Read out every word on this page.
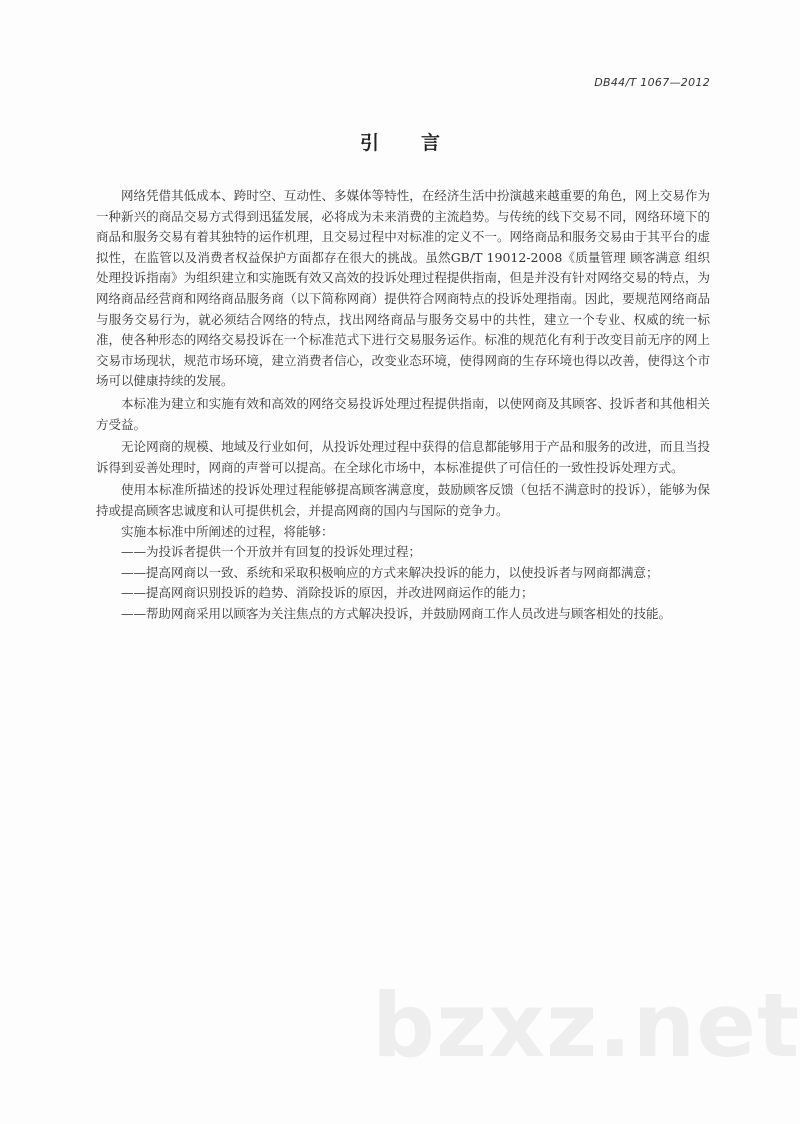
DB44/T 1067—2012
引言

网络凭借其低成本、跨时空、互动性、多媒体等特性，在经济生活中扮演越来越重要的角色，网上交易作为一种新兴的商品交易方式得到迅猛发展，必将成为未来消费的主流趋势。与传统的线下交易不同，网络环境下的商品和服务交易有着其独特的运作机理，且交易过程中对标准的定义不一。网络商品和服务交易由于其平台的虚拟性，在监管以及消费者权益保护方面都存在很大的挑战。虽然GB/T 19012-2008《质量管理 顾客满意 组织处理投诉指南》为组织建立和实施既有效又高效的投诉处理过程提供指南，但是并没有针对网络交易的特点，为网络商品经营商和网络商品服务商（以下简称网商）提供符合网商特点的投诉处理指南。因此，要规范网络商品与服务交易行为，就必须结合网络的特点，找出网络商品与服务交易中的共性，建立一个专业、权威的统一标准，使各种形态的网络交易投诉在一个标准范式下进行交易服务运作。标准的规范化有利于改变目前无序的网上交易市场现状，规范市场环境，建立消费者信心，改变业态环境，使得网商的生存环境也得以改善，使得这个市场可以健康持续的发展。

本标准为建立和实施有效和高效的网络交易投诉处理过程提供指南，以使网商及其顾客、投诉者和其他相关方受益。

无论网商的规模、地域及行业如何，从投诉处理过程中获得的信息都能够用于产品和服务的改进，而且当投诉得到妥善处理时，网商的声誉可以提高。在全球化市场中，本标准提供了可信任的一致性投诉处理方式。

使用本标准所描述的投诉处理过程能够提高顾客满意度，鼓励顾客反馈（包括不满意时的投诉），能够为保持或提高顾客忠诚度和认可提供机会，并提高网商的国内与国际的竞争力。

实施本标准中所阐述的过程，将能够：

——为投诉者提供一个开放并有回复的投诉处理过程；

——提高网商以一致、系统和采取积极响应的方式来解决投诉的能力，以使投诉者与网商都满意；

——提高网商识别投诉的趋势、消除投诉的原因，并改进网商运作的能力；

——帮助网商采用以顾客为关注焦点的方式解决投诉，并鼓励网商工作人员改进与顾客相处的技能。

bzxz.net
